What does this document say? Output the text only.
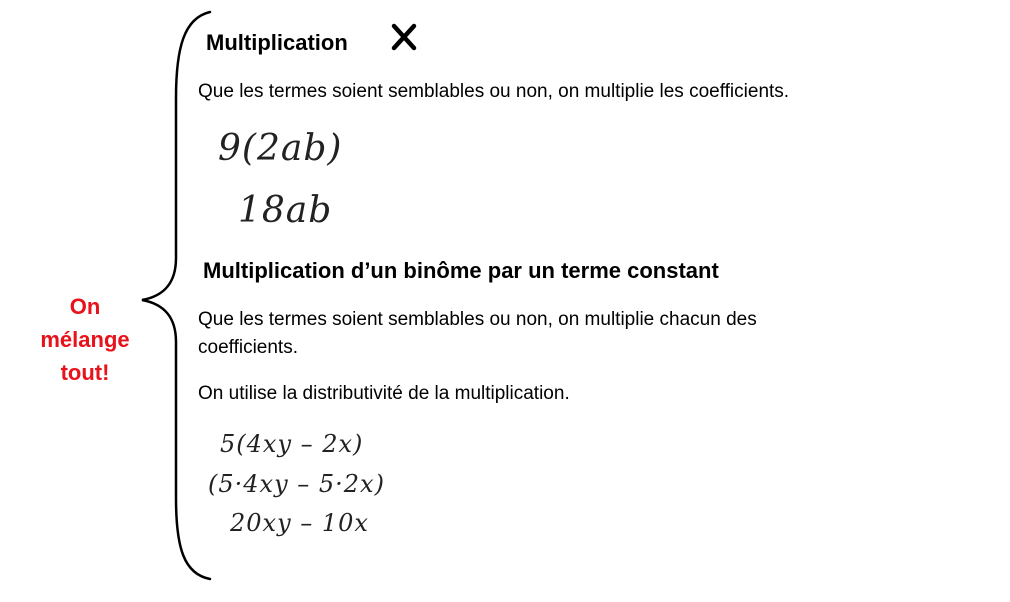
On
mélange
tout!
Multiplication
Que les termes soient semblables ou non, on multiplie les coefficients.
9(2ab)
18ab
Multiplication d’un binôme par un terme constant
Que les termes soient semblables ou non, on multiplie chacun des
coefficients.
On utilise la distributivité de la multiplication.
5(4xy – 2x)
(5·4xy – 5·2x)
20xy – 10x
